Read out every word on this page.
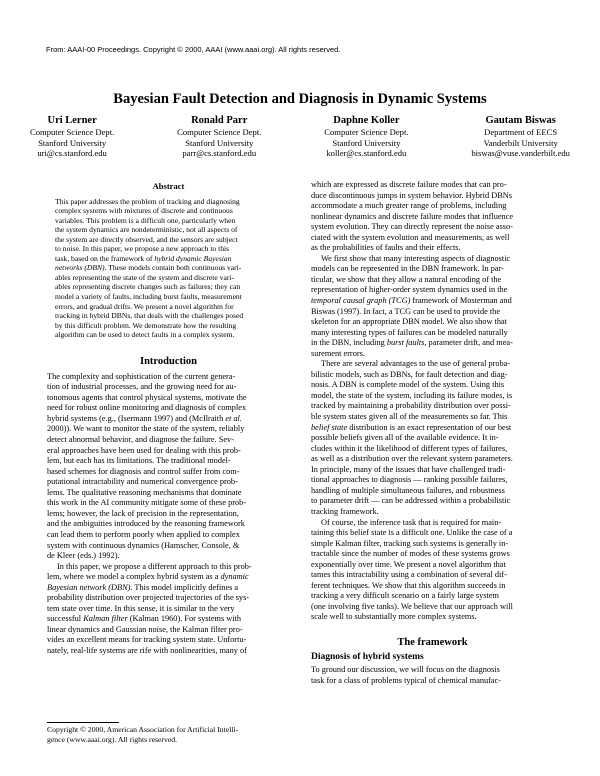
From: AAAI-00 Proceedings. Copyright © 2000, AAAI (www.aaai.org). All rights reserved.
Bayesian Fault Detection and Diagnosis in Dynamic Systems
Uri Lerner
Computer Science Dept.
Stanford University
uri@cs.stanford.edu
Ronald Parr
Computer Science Dept.
Stanford University
parr@cs.stanford.edu
Daphne Koller
Computer Science Dept.
Stanford University
koller@cs.stanford.edu
Gautam Biswas
Department of EECS
Vanderbilt University
biswas@vuse.vanderbilt.edu
Abstract
This paper addresses the problem of tracking and diagnosing
complex systems with mixtures of discrete and continuous
variables. This problem is a difficult one, particularly when
the system dynamics are nondeterministic, not all aspects of
the system are directly observed, and the sensors are subject
to noise. In this paper, we propose a new approach to this
task, based on the framework of hybrid dynamic Bayesian
networks (DBN). These models contain both continuous vari-
ables representing the state of the system and discrete vari-
ables representing discrete changes such as failures; they can
model a variety of faults, including burst faults, measurement
errors, and gradual drifts. We present a novel algorithm for
tracking in hybrid DBNs, that deals with the challenges posed
by this difficult problem. We demonstrate how the resulting
algorithm can be used to detect faults in a complex system.
Introduction
The complexity and sophistication of the current genera-
tion of industrial processes, and the growing need for au-
tonomous agents that control physical systems, motivate the
need for robust online monitoring and diagnosis of complex
hybrid systems (e.g., (Isermann 1997) and (McIlraith et al.
2000)). We want to monitor the state of the system, reliably
detect abnormal behavior, and diagnose the failure. Sev-
eral approaches have been used for dealing with this prob-
lem, but each has its limitations. The traditional model-
based schemes for diagnosis and control suffer from com-
putational intractability and numerical convergence prob-
lems. The qualitative reasoning mechanisms that dominate
this work in the AI community mitigate some of these prob-
lems; however, the lack of precision in the representation,
and the ambiguities introduced by the reasoning framework
can lead them to perform poorly when applied to complex
system with continuous dynamics (Hamscher, Console, &
de Kleer (eds.) 1992).
In this paper, we propose a different approach to this prob-
lem, where we model a complex hybrid system as a dynamic
Bayesian network (DBN). This model implicitly defines a
probability distribution over projected trajectories of the sys-
tem state over time. In this sense, it is similar to the very
successful Kalman filter (Kalman 1960). For systems with
linear dynamics and Gaussian noise, the Kalman filter pro-
vides an excellent means for tracking system state. Unfortu-
nately, real-life systems are rife with nonlinearities, many of
Copyright © 2000, American Association for Artificial Intelli-
gence (www.aaai.org). All rights reserved.
which are expressed as discrete failure modes that can pro-
duce discontinuous jumps in system behavior. Hybrid DBNs
accommodate a much greater range of problems, including
nonlinear dynamics and discrete failure modes that influence
system evolution. They can directly represent the noise asso-
ciated with the system evolution and measurements, as well
as the probabilities of faults and their effects.
We first show that many interesting aspects of diagnostic
models can be represented in the DBN framework. In par-
ticular, we show that they allow a natural encoding of the
representation of higher-order system dynamics used in the
temporal causal graph (TCG) framework of Mosterman and
Biswas (1997). In fact, a TCG can be used to provide the
skeleton for an appropriate DBN model. We also show that
many interesting types of failures can be modeled naturally
in the DBN, including burst faults, parameter drift, and mea-
surement errors.
There are several advantages to the use of general proba-
bilistic models, such as DBNs, for fault detection and diag-
nosis. A DBN is complete model of the system. Using this
model, the state of the system, including its failure modes, is
tracked by maintaining a probability distribution over possi-
ble system states given all of the measurements so far. This
belief state distribution is an exact representation of our best
possible beliefs given all of the available evidence. It in-
cludes within it the likelihood of different types of failures,
as well as a distribution over the relevant system parameters.
In principle, many of the issues that have challenged tradi-
tional approaches to diagnosis — ranking possible failures,
handling of multiple simultaneous failures, and robustness
to parameter drift — can be addressed within a probabilistic
tracking framework.
Of course, the inference task that is required for main-
taining this belief state is a difficult one. Unlike the case of a
simple Kalman filter, tracking such systems is generally in-
tractable since the number of modes of these systems grows
exponentially over time. We present a novel algorithm that
tames this intractability using a combination of several dif-
ferent techniques. We show that this algorithm succeeds in
tracking a very difficult scenario on a fairly large system
(one involving five tanks). We believe that our approach will
scale well to substantially more complex systems.
The framework
Diagnosis of hybrid systems
To ground our discussion, we will focus on the diagnosis
task for a class of problems typical of chemical manufac-
